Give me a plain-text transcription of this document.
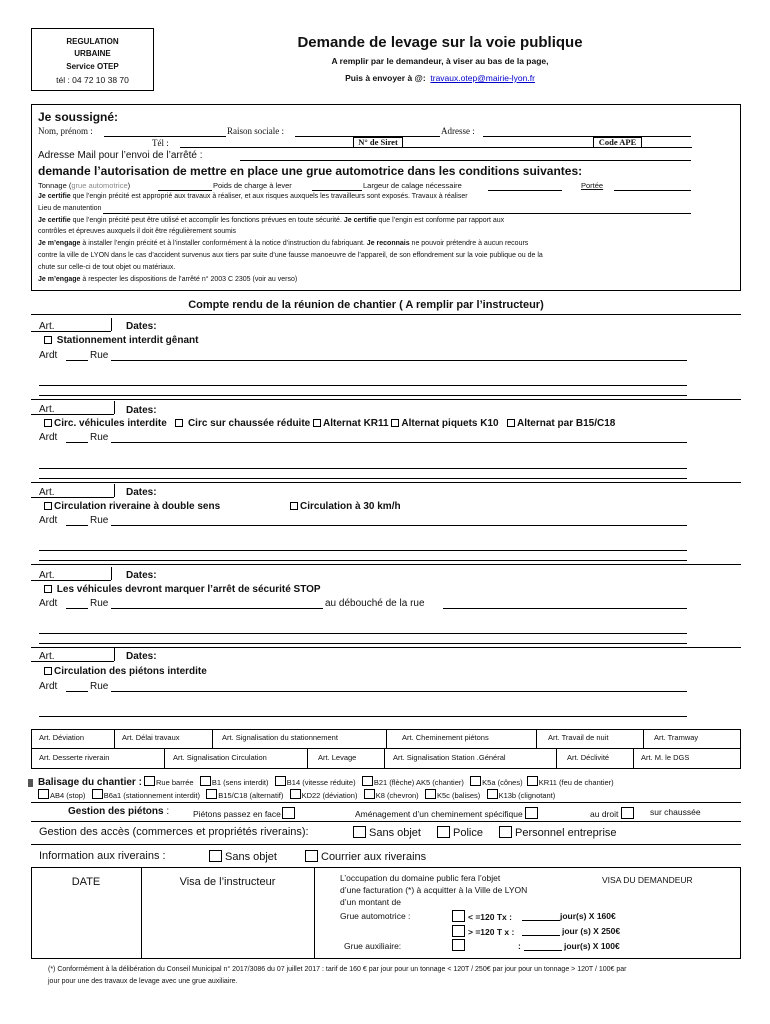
REGULATION
URBAINE
Service OTEP
tél : 04 72 10 38 70
Demande de levage sur la voie publique
A remplir par le demandeur, à viser au bas de la page,
Puis à envoyer à @: travaux.otep@mairie-lyon.fr
Je soussigné:
Nom, prénom :	Raison sociale :	Adresse :
Tél :	N° de Siret	Code APE
Adresse Mail pour l’envoi de l’arrêté :
demande l’autorisation de mettre en place une grue automotrice dans les conditions suivantes:
Tonnage (grue automotrice)	Poids de charge à lever	Largeur de calage nécessaire	Portée
Je certifie que l’engin précité est approprié aux travaux à réaliser, et aux risques auxquels les travailleurs sont exposés. Travaux à réaliser
Lieu de manutention
Je certifie que l’engin précité peut être utilisé et accomplir les fonctions prévues en toute sécurité. Je certifie que l’engin est conforme par rapport aux
contrôles et épreuves auxquels il doit être régulièrement soumis
Je m’engage à installer l’engin précité et à l’installer conformément à la notice d’instruction du fabriquant. Je reconnais ne pouvoir prétendre à aucun recours
contre la ville de LYON dans le cas d’accident survenus aux tiers par suite d’une fausse manoeuvre de l’appareil, de son effondrement sur la voie publique ou de la
chute sur celle-ci de tout objet ou matériaux.
Je m’engage à respecter les dispositions de l’arrêté n° 2003 C 2305 (voir au verso)
Compte rendu de la réunion de chantier ( A remplir par l’instructeur)
Art.	Dates:
Stationnement interdit gênant
Ardt	Rue
Art.	Dates:
Circ. véhicules interdite Circ sur chaussée réduite Alternat KR11 Alternat piquets K10 Alternat par B15/C18
Ardt	Rue
Art.	Dates:
Circulation riveraine à double sens	Circulation à 30 km/h
Ardt	Rue
Art.	Dates:
Les véhicules devront marquer l’arrêt de sécurité STOP
Ardt	Rue	au débouché de la rue
Art.	Dates:
Circulation des piétons interdite
Ardt	Rue
Art. Déviation	Art. Délai travaux	Art. Signalisation du stationnement	Art. Cheminement piétons	Art. Travail de nuit	Art. Tramway
Art. Desserte riverain	Art. Signalisation Circulation	Art. Levage	Art. Signalisation Station .Général	Art. Déclivité	Art. M. le DGS
Balisage du chantier : Rue barrée B1 (sens interdit) B14 (vitesse réduite) B21 (flèche) AK5 (chantier) K5a (cônes) KR11 (feu de chantier)
AB4 (stop) B6a1 (stationnement interdit) B15/C18 (alternatif) KD22 (déviation) K8 (chevron) K5c (balises) K13b (clignotant)
Gestion des piétons :	Piétons passez en face	Aménagement d’un cheminement spécifique	au droit	sur chaussée
Gestion des accès (commerces et propriétés riverains):	Sans objet	Police	Personnel entreprise
Information aux riverains :	Sans objet	Courrier aux riverains
DATE	Visa de l’instructeur	L’occupation du domaine public fera l’objet
d’une facturation (*) à acquitter à la Ville de LYON
d’un montant de
VISA DU DEMANDEUR
Grue automotrice :	< =120 Tx :	jour(s) X 160€
> =120 T x :	jour (s) X 250€
Grue auxiliaire:	:	jour(s) X 100€
(*) Conformément à la délibération du Conseil Municipal n° 2017/3086 du 07 juillet 2017 : tarif de 160 € par jour pour un tonnage < 120T / 250€ par jour pour un tonnage > 120T / 100€ par
jour pour une des travaux de levage avec une grue auxiliaire.
